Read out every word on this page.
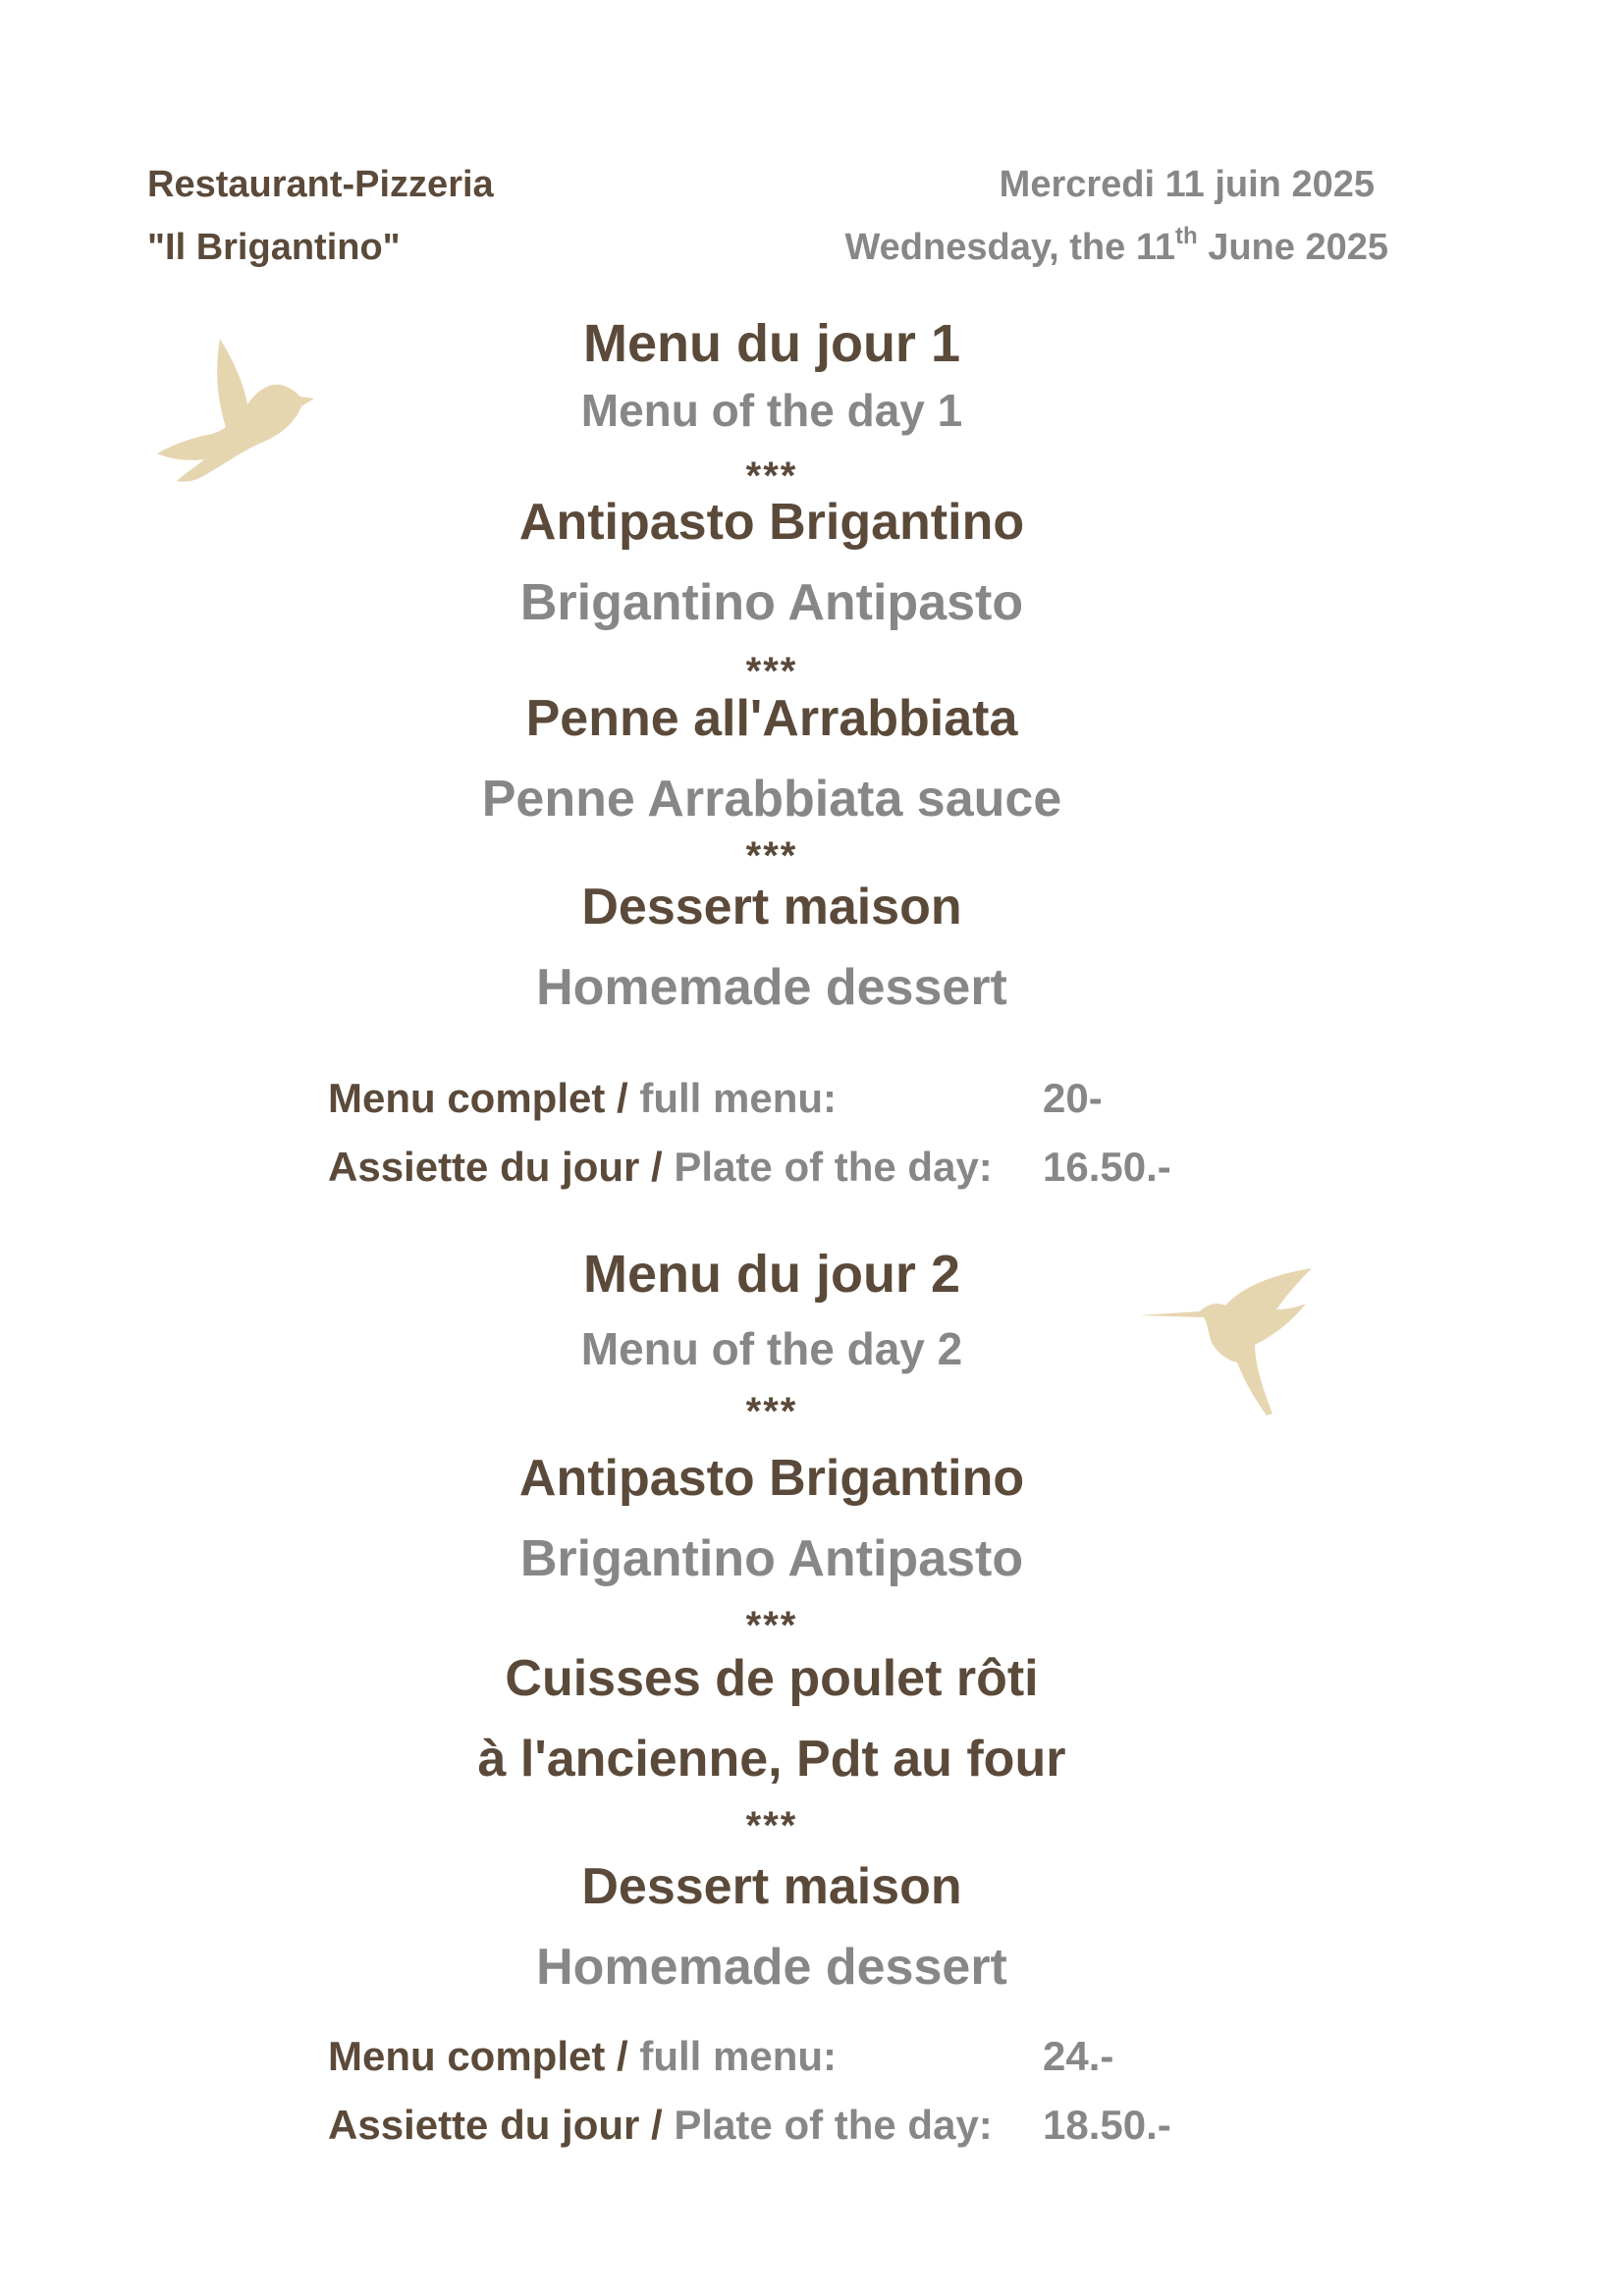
Restaurant-Pizzeria
"Il Brigantino"
Mercredi 11 juin 2025
Wednesday, the 11th June 2025
Menu du jour 1
Menu of the day 1
***
Antipasto Brigantino
Brigantino Antipasto
***
Penne all'Arrabbiata
Penne Arrabbiata sauce
***
Dessert maison
Homemade dessert
Menu complet / full menu:	20-
Assiette du jour / Plate of the day: 16.50.-
Menu du jour 2
Menu of the day 2
***
Antipasto Brigantino
Brigantino Antipasto
***
Cuisses de poulet rôti
à l'ancienne, Pdt au four
***
Dessert maison
Homemade dessert
Menu complet / full menu:	24.-
Assiette du jour / Plate of the day: 18.50.-
